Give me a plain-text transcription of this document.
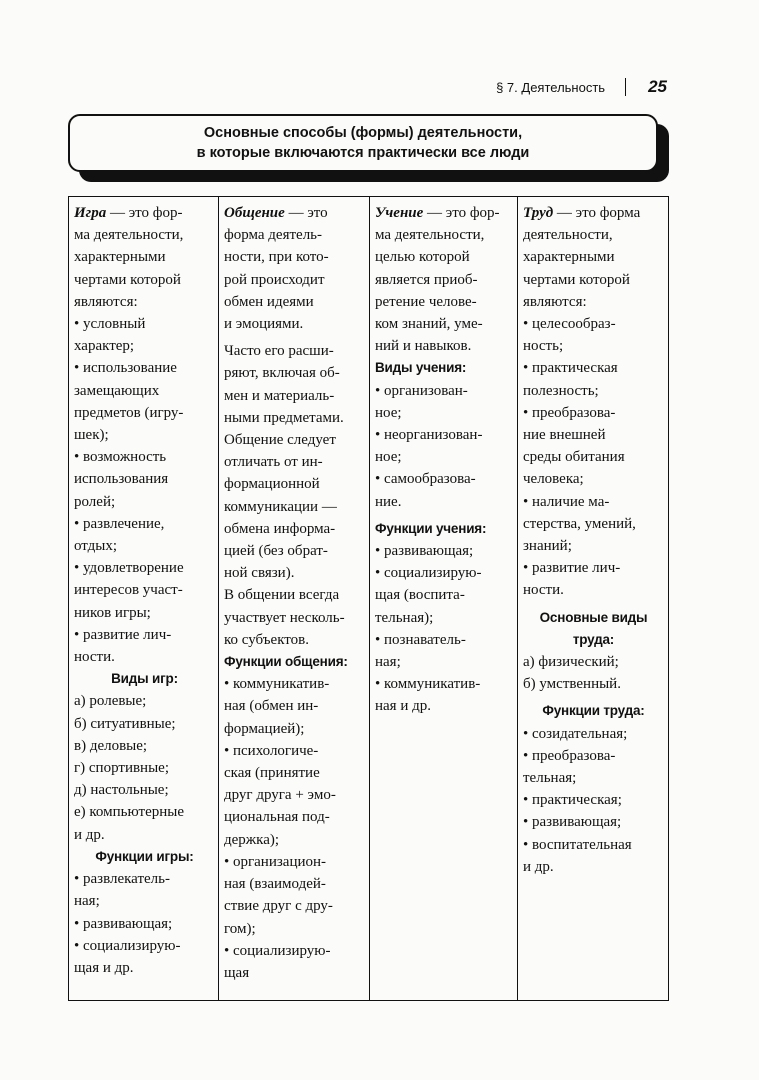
§ 7. Деятельность	25
Основные способы (формы) деятельности,
в которые включаются практически все люди

Игра — это фор-

ма деятельности,

характерными

чертами которой

являются:

• условный

характер;

• использование

замещающих

предметов (игру-

шек);

• возможность

использования

ролей;

• развлечение,

отдых;

• удовлетворение

интересов участ-

ников игры;

• развитие лич-

ности.

Виды игр:

а) ролевые;

б) ситуативные;

в) деловые;

г) спортивные;

д) настольные;

е) компьютерные

и др.

Функции игры:

• развлекатель-

ная;

• развивающая;

• социализирую-

щая и др.

Общение — это

форма деятель-

ности, при кото-

рой происходит

обмен идеями

и эмоциями.

Часто его расши-

ряют, включая об-

мен и материаль-

ными предметами.

Общение следует

отличать от ин-

формационной

коммуникации —

обмена информа-

цией (без обрат-

ной связи).

В общении всегда

участвует несколь-

ко субъектов.

Функции общения:

• коммуникатив-

ная (обмен ин-

формацией);

• психологиче-

ская (принятие

друг друга + эмо-

циональная под-

держка);

• организацион-

ная (взаимодей-

ствие друг с дру-

гом);

• социализирую-

щая

Учение — это фор-

ма деятельности,

целью которой

является приоб-

ретение челове-

ком знаний, уме-

ний и навыков.

Виды учения:

• организован-

ное;

• неорганизован-

ное;

• самообразова-

ние.

Функции учения:

• развивающая;

• социализирую-

щая (воспита-

тельная);

• познаватель-

ная;

• коммуникатив-

ная и др.

Труд — это форма

деятельности,

характерными

чертами которой

являются:

• целесообраз-

ность;

• практическая

полезность;

• преобразова-

ние внешней

среды обитания

человека;

• наличие ма-

стерства, умений,

знаний;

• развитие лич-

ности.

Основные виды

труда:

а) физический;

б) умственный.

Функции труда:

• созидательная;

• преобразова-

тельная;

• практическая;

• развивающая;

• воспитательная

и др.
